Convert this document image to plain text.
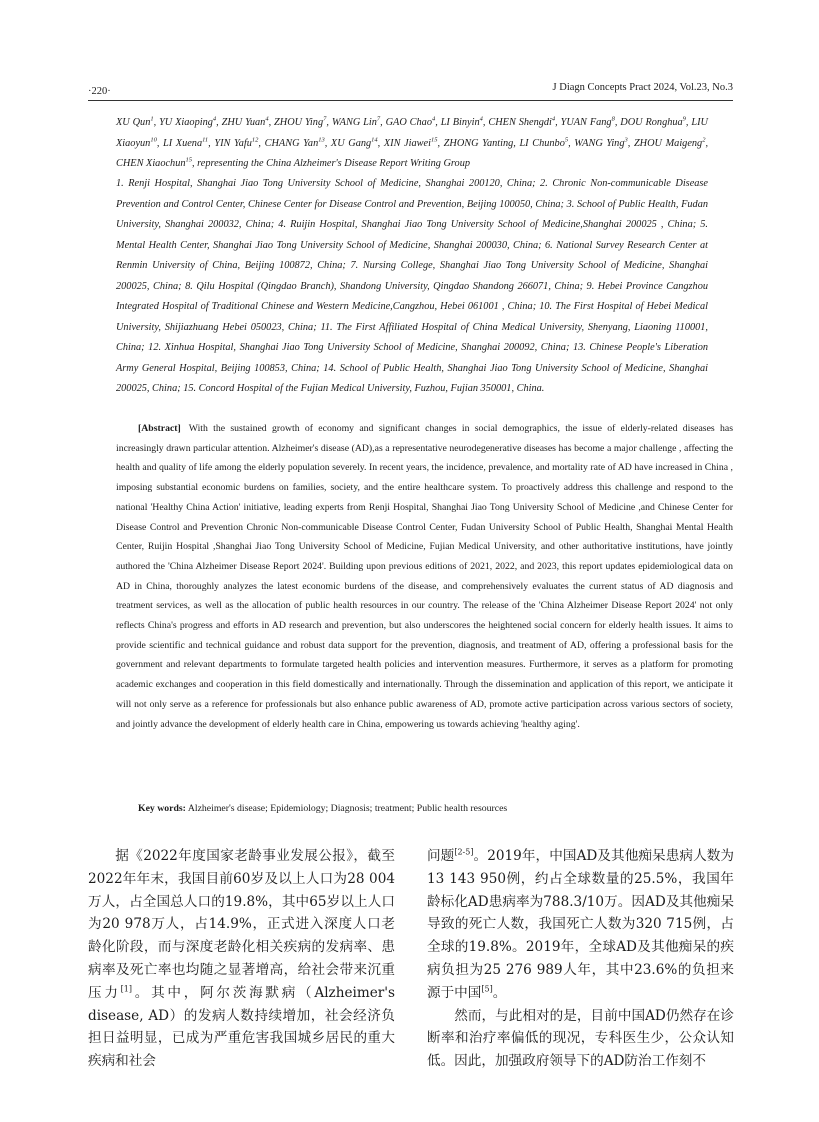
·220·	J Diagn Concepts Pract 2024, Vol.23, No.3
XU Qun$^1$, YU Xiaoping$^4$, ZHU Yuan$^4$, ZHOU Ying$^7$, WANG Lin$^7$, GAO Chao$^4$, LI Binyin$^4$, CHEN Shengdi$^4$, YUAN Fang$^8$, DOU Ronghua$^9$, LIU Xiaoyun$^{10}$, LI Xuena$^{11}$, YIN Yafu$^{12}$, CHANG Yan$^{13}$, XU Gang$^{14}$, XIN Jiawei$^{15}$, ZHONG Yanting, LI Chunbo$^5$, WANG Ying$^3$, ZHOU Maigeng$^2$, CHEN Xiaochun$^{15}$, representing the China Alzheimer's Disease Report Writing Group
1. Renji Hospital, Shanghai Jiao Tong University School of Medicine, Shanghai 200120, China; 2. Chronic Non-communicable Disease Prevention and Control Center, Chinese Center for Disease Control and Prevention, Beijing 100050, China; 3. School of Public Health, Fudan University, Shanghai 200032, China; 4. Ruijin Hospital, Shanghai Jiao Tong University School of Medicine,Shanghai 200025 , China; 5. Mental Health Center, Shanghai Jiao Tong University School of Medicine, Shanghai 200030, China; 6. National Survey Research Center at Renmin University of China, Beijing 100872, China; 7. Nursing College, Shanghai Jiao Tong University School of Medicine, Shanghai 200025, China; 8. Qilu Hospital (Qingdao Branch), Shandong University, Qingdao Shandong 266071, China; 9. Hebei Province Cangzhou Integrated Hospital of Traditional Chinese and Western Medicine,Cangzhou, Hebei 061001 , China; 10. The First Hospital of Hebei Medical University, Shijiazhuang Hebei 050023, China; 11. The First Affiliated Hospital of China Medical University, Shenyang, Liaoning 110001, China; 12. Xinhua Hospital, Shanghai Jiao Tong University School of Medicine, Shanghai 200092, China; 13. Chinese People's Liberation Army General Hospital, Beijing 100853, China; 14. School of Public Health, Shanghai Jiao Tong University School of Medicine, Shanghai 200025, China; 15. Concord Hospital of the Fujian Medical University, Fuzhou, Fujian 350001, China.
[Abstract] With the sustained growth of economy and significant changes in social demographics, the issue of elderly-related diseases has increasingly drawn particular attention. Alzheimer's disease (AD),as a representative neurodegenerative diseases has become a major challenge , affecting the health and quality of life among the elderly population severely. In recent years, the incidence, prevalence, and mortality rate of AD have increased in China , imposing substantial economic burdens on families, society, and the entire healthcare system. To proactively address this challenge and respond to the national 'Healthy China Action' initiative, leading experts from Renji Hospital, Shanghai Jiao Tong University School of Medicine ,and Chinese Center for Disease Control and Prevention Chronic Non-communicable Disease Control Center, Fudan University School of Public Health, Shanghai Mental Health Center, Ruijin Hospital ,Shanghai Jiao Tong University School of Medicine, Fujian Medical University, and other authoritative institutions, have jointly authored the 'China Alzheimer Disease Report 2024'. Building upon previous editions of 2021, 2022, and 2023, this report updates epidemiological data on AD in China, thoroughly analyzes the latest economic burdens of the disease, and comprehensively evaluates the current status of AD diagnosis and treatment services, as well as the allocation of public health resources in our country. The release of the 'China Alzheimer Disease Report 2024' not only reflects China's progress and efforts in AD research and prevention, but also underscores the heightened social concern for elderly health issues. It aims to provide scientific and technical guidance and robust data support for the prevention, diagnosis, and treatment of AD, offering a professional basis for the government and relevant departments to formulate targeted health policies and intervention measures. Furthermore, it serves as a platform for promoting academic exchanges and cooperation in this field domestically and internationally. Through the dissemination and application of this report, we anticipate it will not only serve as a reference for professionals but also enhance public awareness of AD, promote active participation across various sectors of society, and jointly advance the development of elderly health care in China, empowering us towards achieving 'healthy aging'.
Key words: Alzheimer's disease; Epidemiology; Diagnosis; treatment; Public health resources

据《2022年度国家老龄事业发展公报》，截至2022年年末，我国目前60岁及以上人口为28 004万人，占全国总人口的19.8%，其中65岁以上人口为20 978万人，占14.9%，正式进入深度人口老龄化阶段，而与深度老龄化相关疾病的发病率、患病率及死亡率也均随之显著增高，给社会带来沉重压力[1]。其中，阿尔茨海默病（Alzheimer's disease, AD）的发病人数持续增加，社会经济负担日益明显，已成为严重危害我国城乡居民的重大疾病和社会

问题[2-5]。2019年，中国AD及其他痴呆患病人数为13 143 950例，约占全球数量的25.5%，我国年龄标化AD患病率为788.3/10万。因AD及其他痴呆导致的死亡人数，我国死亡人数为320 715例，占全球的19.8%。2019年，全球AD及其他痴呆的疾病负担为25 276 989人年，其中23.6%的负担来源于中国[5]。

然而，与此相对的是，目前中国AD仍然存在诊断率和治疗率偏低的现况，专科医生少，公众认知低。因此，加强政府领导下的AD防治工作刻不
